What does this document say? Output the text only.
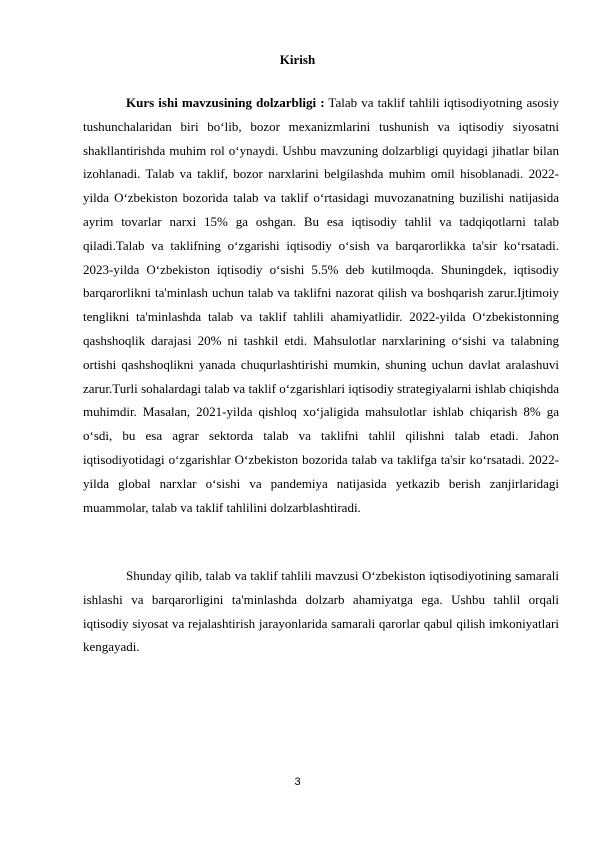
Kirish

Kurs ishi mavzusining dolzarbligi : Talab va taklif tahlili iqtisodiyotning asosiy tushunchalaridan biri bo‘lib, bozor mexanizmlarini tushunish va iqtisodiy siyosatni shakllantirishda muhim rol o‘ynaydi. Ushbu mavzuning dolzarbligi quyidagi jihatlar bilan izohlanadi. Talab va taklif, bozor narxlarini belgilashda muhim omil hisoblanadi. 2022-yilda O‘zbekiston bozorida talab va taklif o‘rtasidagi muvozanatning buzilishi natijasida ayrim tovarlar narxi 15% ga oshgan. Bu esa iqtisodiy tahlil va tadqiqotlarni talab qiladi.Talab va taklifning o‘zgarishi iqtisodiy o‘sish va barqarorlikka ta'sir ko‘rsatadi. 2023-yilda O‘zbekiston iqtisodiy o‘sishi 5.5% deb kutilmoqda. Shuningdek, iqtisodiy barqarorlikni ta'minlash uchun talab va taklifni nazorat qilish va boshqarish zarur.Ijtimoiy tenglikni ta'minlashda talab va taklif tahlili ahamiyatlidir. 2022-yilda O‘zbekistonning qashshoqlik darajasi 20% ni tashkil etdi. Mahsulotlar narxlarining o‘sishi va talabning ortishi qashshoqlikni yanada chuqurlashtirishi mumkin, shuning uchun davlat aralashuvi zarur.Turli sohalardagi talab va taklif o‘zgarishlari iqtisodiy strategiyalarni ishlab chiqishda muhimdir. Masalan, 2021-yilda qishloq xo‘jaligida mahsulotlar ishlab chiqarish 8% ga o‘sdi, bu esa agrar sektorda talab va taklifni tahlil qilishni talab etadi. Jahon iqtisodiyotidagi o‘zgarishlar O‘zbekiston bozorida talab va taklifga ta'sir ko‘rsatadi. 2022-yilda global narxlar o‘sishi va pandemiya natijasida yetkazib berish zanjirlaridagi muammolar, talab va taklif tahlilini dolzarblashtiradi.

Shunday qilib, talab va taklif tahlili mavzusi O‘zbekiston iqtisodiyotining samarali ishlashi va barqarorligini ta'minlashda dolzarb ahamiyatga ega. Ushbu tahlil orqali iqtisodiy siyosat va rejalashtirish jarayonlarida samarali qarorlar qabul qilish imkoniyatlari kengayadi.

3
